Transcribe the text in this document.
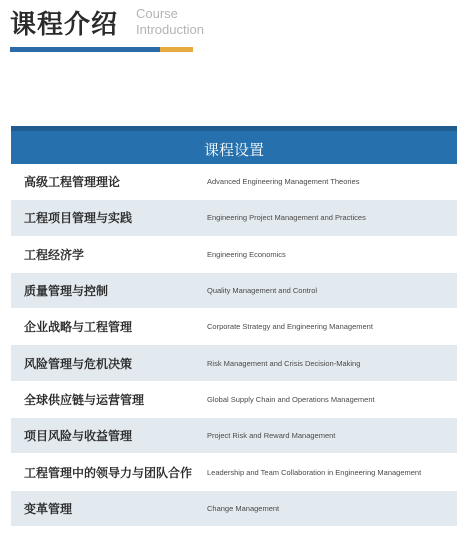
课程介绍 Course
Introduction
课程设置
高级工程管理理论	Advanced Engineering Management Theories
工程项目管理与实践	Engineering Project Management and Practices
工程经济学	Engineering Economics
质量管理与控制	Quality Management and Control
企业战略与工程管理	Corporate Strategy and Engineering Management
风险管理与危机决策	Risk Management and Crisis Decision-Making
全球供应链与运营管理	Global Supply Chain and Operations Management
项目风险与收益管理	Project Risk and Reward Management
工程管理中的领导力与团队合作	Leadership and Team Collaboration in Engineering Management
变革管理	Change Management
